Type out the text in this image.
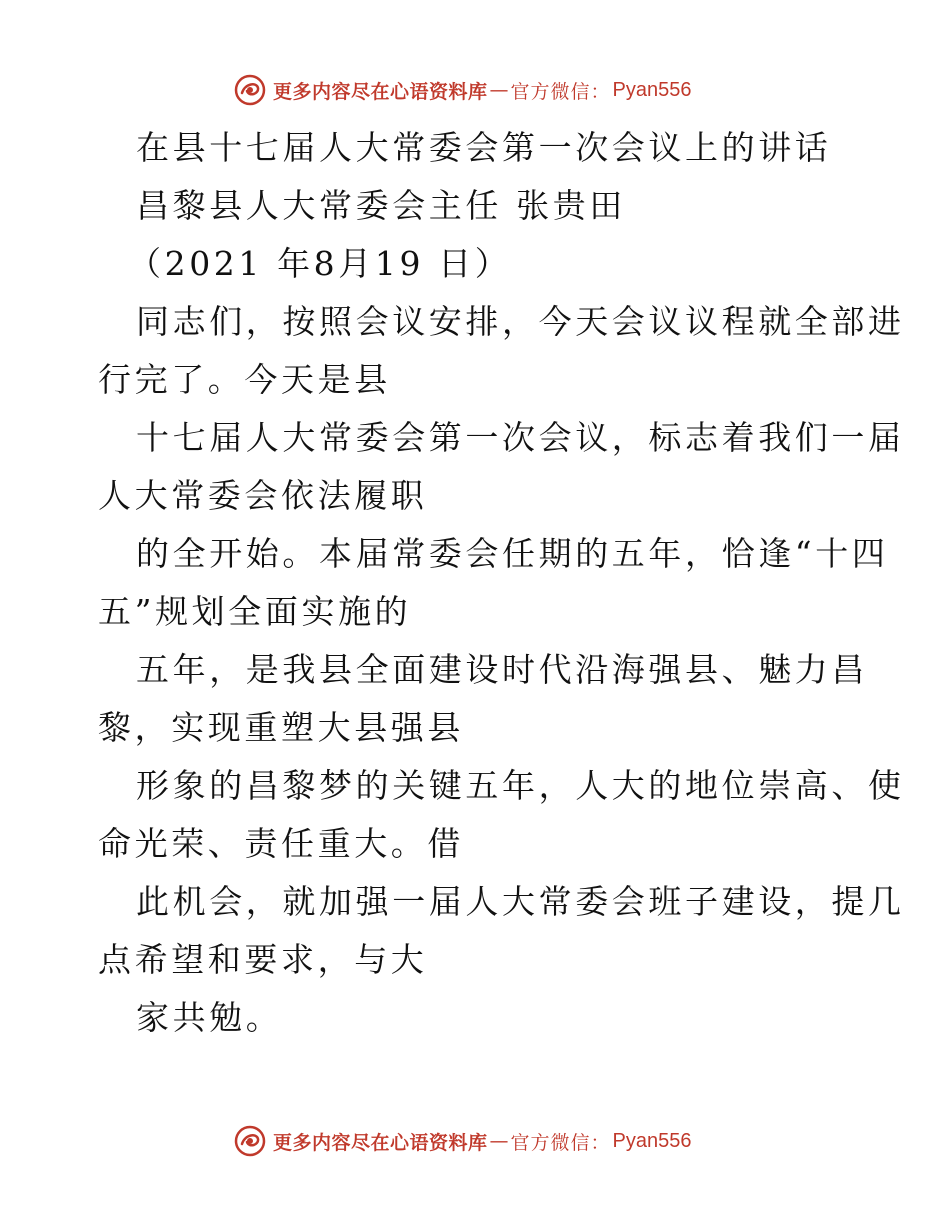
更多内容尽在心语资料库 — 官方微信： Pyan556
在县十七届人大常委会第一次会议上的讲话
昌黎县人大常委会主任 张贵田
（2021 年8月19 日）
同志们，按照会议安排，今天会议议程就全部进
行完了。今天是县
十七届人大常委会第一次会议，标志着我们一届
人大常委会依法履职
的全开始。本届常委会任期的五年，恰逢“十四
五”规划全面实施的
五年，是我县全面建设时代沿海强县、魅力昌
黎，实现重塑大县强县
形象的昌黎梦的关键五年，人大的地位崇高、使
命光荣、责任重大。借
此机会，就加强一届人大常委会班子建设，提几
点希望和要求，与大
家共勉。
更多内容尽在心语资料库 — 官方微信： Pyan556
